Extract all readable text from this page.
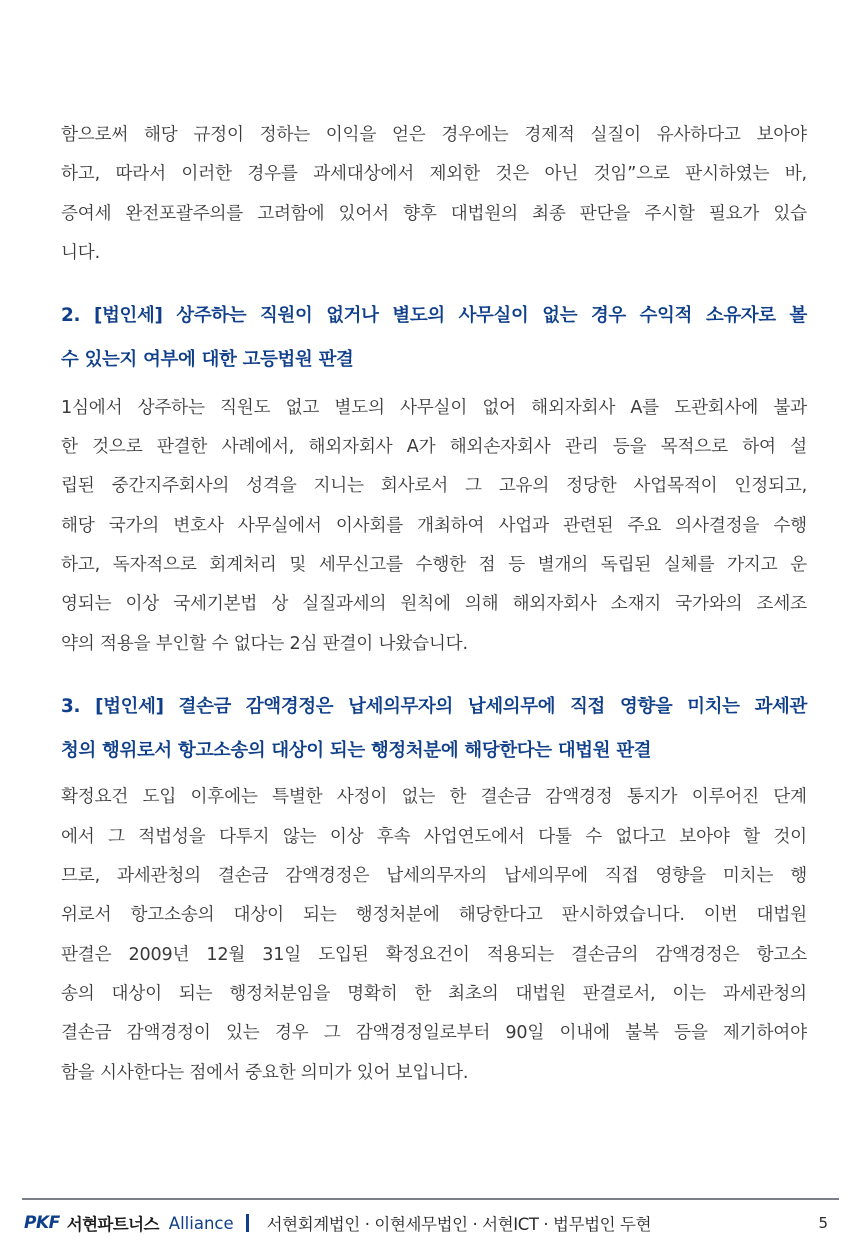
함으로써 해당 규정이 정하는 이익을 얻은 경우에는 경제적 실질이 유사하다고 보아야
하고, 따라서 이러한 경우를 과세대상에서 제외한 것은 아닌 것임”으로 판시하였는 바,
증여세 완전포괄주의를 고려함에 있어서 향후 대법원의 최종 판단을 주시할 필요가 있습
니다.
2. [법인세] 상주하는 직원이 없거나 별도의 사무실이 없는 경우 수익적 소유자로 볼
수 있는지 여부에 대한 고등법원 판결
1심에서 상주하는 직원도 없고 별도의 사무실이 없어 해외자회사 A를 도관회사에 불과
한 것으로 판결한 사례에서, 해외자회사 A가 해외손자회사 관리 등을 목적으로 하여 설
립된 중간지주회사의 성격을 지니는 회사로서 그 고유의 정당한 사업목적이 인정되고,
해당 국가의 변호사 사무실에서 이사회를 개최하여 사업과 관련된 주요 의사결정을 수행
하고, 독자적으로 회계처리 및 세무신고를 수행한 점 등 별개의 독립된 실체를 가지고 운
영되는 이상 국세기본법 상 실질과세의 원칙에 의해 해외자회사 소재지 국가와의 조세조
약의 적용을 부인할 수 없다는 2심 판결이 나왔습니다.
3. [법인세] 결손금 감액경정은 납세의무자의 납세의무에 직접 영향을 미치는 과세관
청의 행위로서 항고소송의 대상이 되는 행정처분에 해당한다는 대법원 판결
확정요건 도입 이후에는 특별한 사정이 없는 한 결손금 감액경정 통지가 이루어진 단계
에서 그 적법성을 다투지 않는 이상 후속 사업연도에서 다툴 수 없다고 보아야 할 것이
므로, 과세관청의 결손금 감액경정은 납세의무자의 납세의무에 직접 영향을 미치는 행
위로서 항고소송의 대상이 되는 행정처분에 해당한다고 판시하였습니다. 이번 대법원
판결은 2009년 12월 31일 도입된 확정요건이 적용되는 결손금의 감액경정은 항고소
송의 대상이 되는 행정처분임을 명확히 한 최초의 대법원 판결로서, 이는 과세관청의
결손금 감액경정이 있는 경우 그 감액경정일로부터 90일 이내에 불복 등을 제기하여야
함을 시사한다는 점에서 중요한 의미가 있어 보입니다.
PKF 서현파트너스 Alliance 서현회계법인 · 이현세무법인 · 서현ICT · 법무법인 두현	5
